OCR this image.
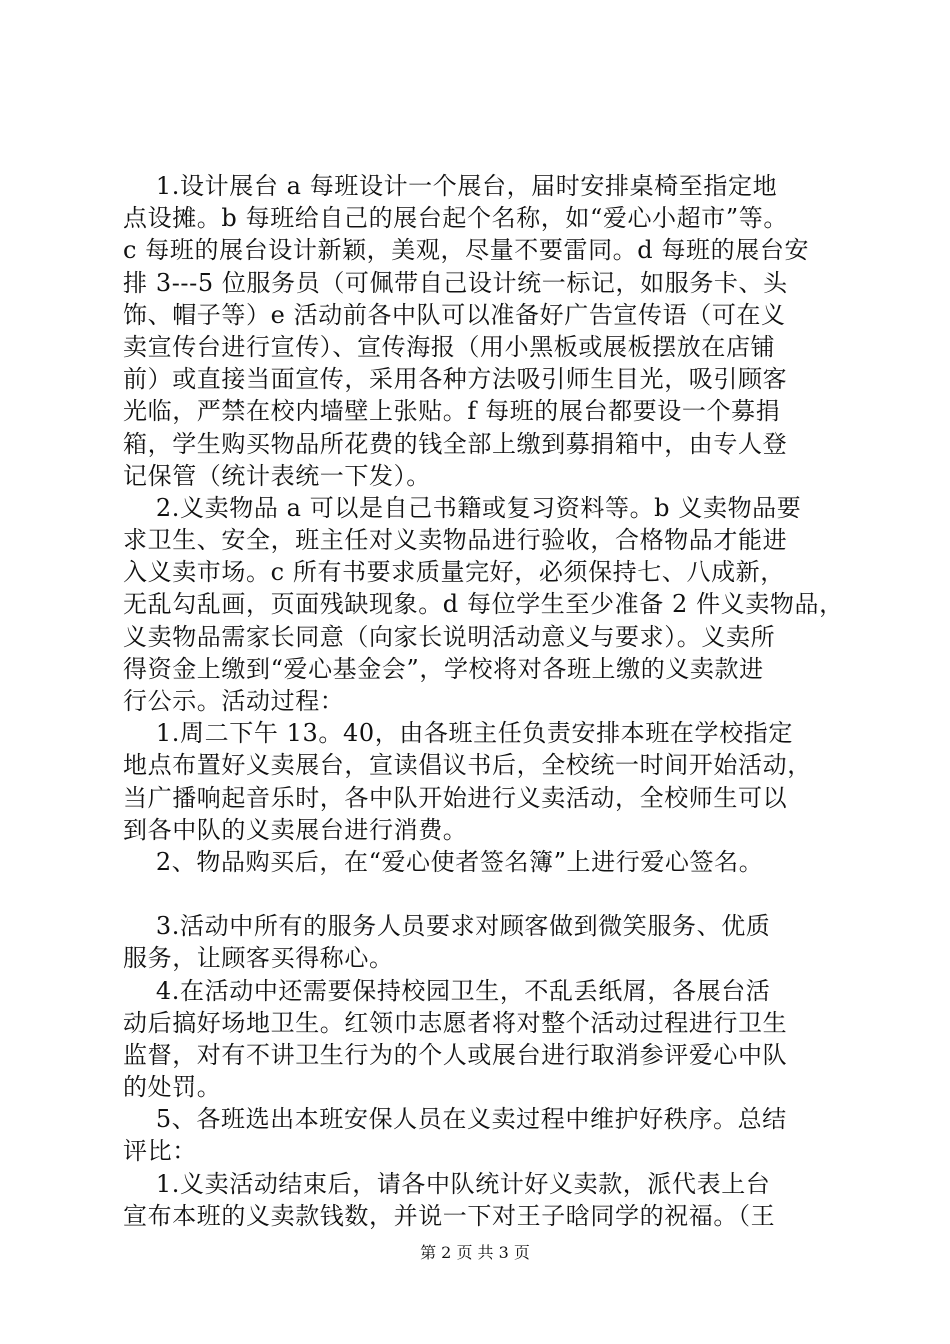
1.设计展台 a 每班设计一个展台，届时安排桌椅至指定地
点设摊。b 每班给自己的展台起个名称，如“爱心小超市”等。
c 每班的展台设计新颖，美观，尽量不要雷同。d 每班的展台安
排 3---5 位服务员（可佩带自己设计统一标记，如服务卡、头
饰、帽子等）e 活动前各中队可以准备好广告宣传语（可在义
卖宣传台进行宣传）、宣传海报（用小黑板或展板摆放在店铺
前）或直接当面宣传，采用各种方法吸引师生目光，吸引顾客
光临，严禁在校内墙壁上张贴。f 每班的展台都要设一个募捐
箱，学生购买物品所花费的钱全部上缴到募捐箱中，由专人登
记保管（统计表统一下发）。
2.义卖物品 a 可以是自己书籍或复习资料等。b 义卖物品要
求卫生、安全，班主任对义卖物品进行验收，合格物品才能进
入义卖市场。c 所有书要求质量完好，必须保持七、八成新，
无乱勾乱画，页面残缺现象。d 每位学生至少准备 2 件义卖物品，
义卖物品需家长同意（向家长说明活动意义与要求）。义卖所
得资金上缴到“爱心基金会”，学校将对各班上缴的义卖款进
行公示。活动过程：
1.周二下午 13。40，由各班主任负责安排本班在学校指定
地点布置好义卖展台，宣读倡议书后，全校统一时间开始活动，
当广播响起音乐时，各中队开始进行义卖活动，全校师生可以
到各中队的义卖展台进行消费。
2、物品购买后，在“爱心使者签名簿”上进行爱心签名。
3.活动中所有的服务人员要求对顾客做到微笑服务、优质
服务，让顾客买得称心。
4.在活动中还需要保持校园卫生，不乱丢纸屑，各展台活
动后搞好场地卫生。红领巾志愿者将对整个活动过程进行卫生
监督，对有不讲卫生行为的个人或展台进行取消参评爱心中队
的处罚。
5、各班选出本班安保人员在义卖过程中维护好秩序。总结
评比：
1.义卖活动结束后，请各中队统计好义卖款，派代表上台
宣布本班的义卖款钱数，并说一下对王子晗同学的祝福。（王
第 2 页 共 3 页
